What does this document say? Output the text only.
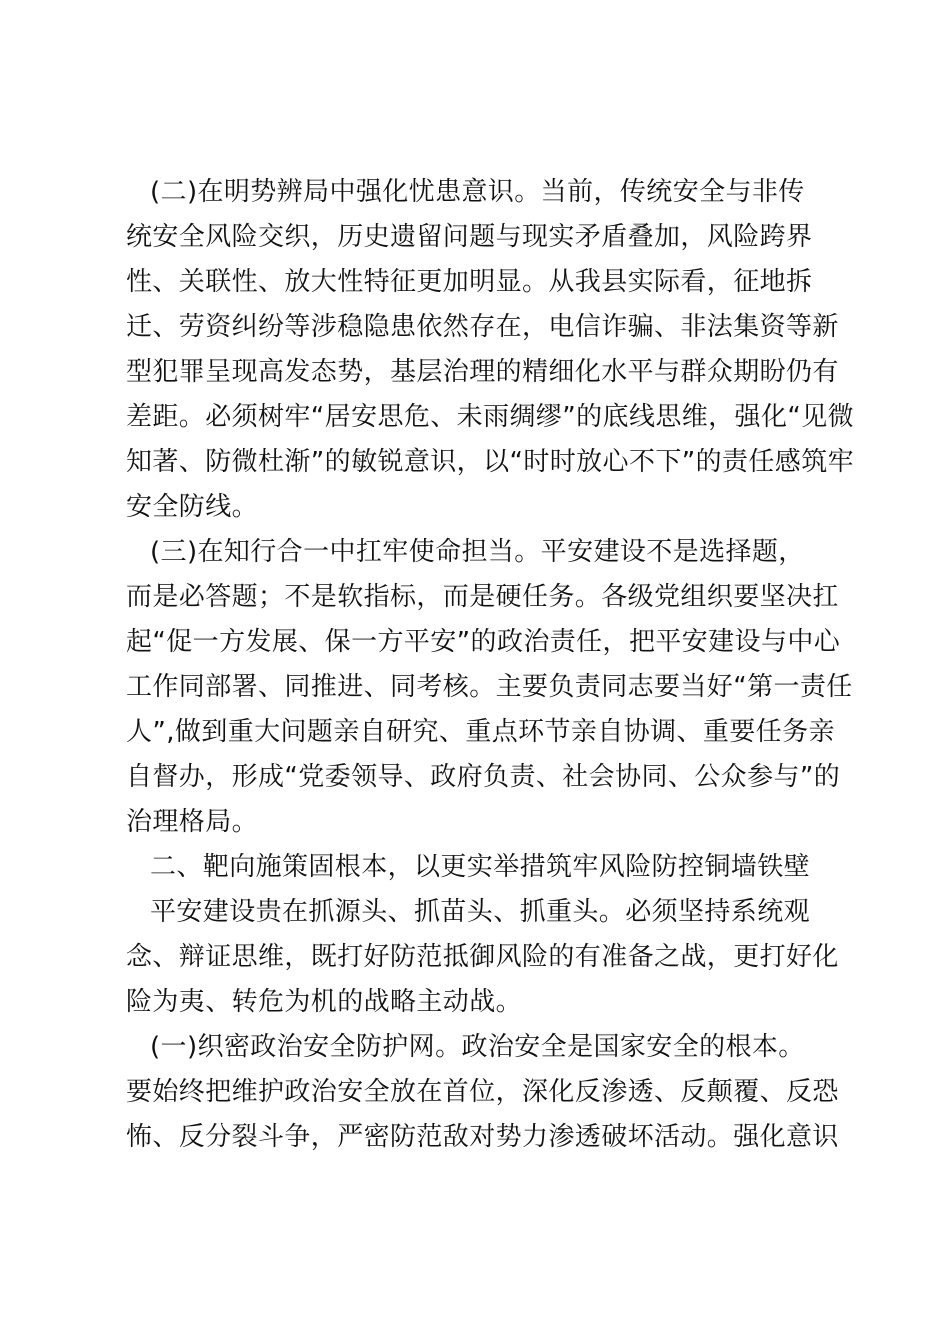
(二)在明势辨局中强化忧患意识。当前，传统安全与非传
统安全风险交织，历史遗留问题与现实矛盾叠加，风险跨界
性、关联性、放大性特征更加明显。从我县实际看，征地拆
迁、劳资纠纷等涉稳隐患依然存在，电信诈骗、非法集资等新
型犯罪呈现高发态势，基层治理的精细化水平与群众期盼仍有
差距。必须树牢“居安思危、未雨绸缪”的底线思维，强化“见微
知著、防微杜渐”的敏锐意识，以“时时放心不下”的责任感筑牢
安全防线。
(三)在知行合一中扛牢使命担当。平安建设不是选择题，
而是必答题；不是软指标，而是硬任务。各级党组织要坚决扛
起“促一方发展、保一方平安”的政治责任，把平安建设与中心
工作同部署、同推进、同考核。主要负责同志要当好“第一责任
人”,做到重大问题亲自研究、重点环节亲自协调、重要任务亲
自督办，形成“党委领导、政府负责、社会协同、公众参与”的
治理格局。
二、靶向施策固根本，以更实举措筑牢风险防控铜墙铁壁
平安建设贵在抓源头、抓苗头、抓重头。必须坚持系统观
念、辩证思维，既打好防范抵御风险的有准备之战，更打好化
险为夷、转危为机的战略主动战。
(一)织密政治安全防护网。政治安全是国家安全的根本。
要始终把维护政治安全放在首位，深化反渗透、反颠覆、反恐
怖、反分裂斗争，严密防范敌对势力渗透破坏活动。强化意识
